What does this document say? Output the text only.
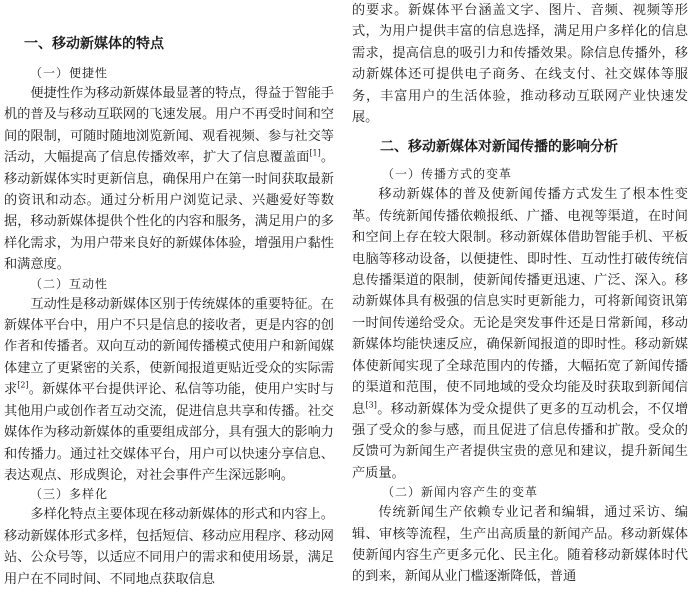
一、移动新媒体的特点
（一）便捷性

便捷性作为移动新媒体最显著的特点，得益于智能手机的普及与移动互联网的飞速发展。用户不再受时间和空间的限制，可随时随地浏览新闻、观看视频、参与社交等活动，大幅提高了信息传播效率，扩大了信息覆盖面[1]。移动新媒体实时更新信息，确保用户在第一时间获取最新的资讯和动态。通过分析用户浏览记录、兴趣爱好等数据，移动新媒体提供个性化的内容和服务，满足用户的多样化需求，为用户带来良好的新媒体体验，增强用户黏性和满意度。

（二）互动性

互动性是移动新媒体区别于传统媒体的重要特征。在新媒体平台中，用户不只是信息的接收者，更是内容的创作者和传播者。双向互动的新闻传播模式使用户和新闻媒体建立了更紧密的关系，使新闻报道更贴近受众的实际需求[2]。新媒体平台提供评论、私信等功能，使用户实时与其他用户或创作者互动交流，促进信息共享和传播。社交媒体作为移动新媒体的重要组成部分，具有强大的影响力和传播力。通过社交媒体平台，用户可以快速分享信息、表达观点、形成舆论，对社会事件产生深远影响。

（三）多样化

多样化特点主要体现在移动新媒体的形式和内容上。移动新媒体形式多样，包括短信、移动应用程序、移动网站、公众号等，以适应不同用户的需求和使用场景，满足用户在不同时间、不同地点获取信息

的要求。新媒体平台涵盖文字、图片、音频、视频等形式，为用户提供丰富的信息选择，满足用户多样化的信息需求，提高信息的吸引力和传播效果。除信息传播外，移动新媒体还可提供电子商务、在线支付、社交媒体等服务，丰富用户的生活体验，推动移动互联网产业快速发展。

二、移动新媒体对新闻传播的影响分析
（一）传播方式的变革

移动新媒体的普及使新闻传播方式发生了根本性变革。传统新闻传播依赖报纸、广播、电视等渠道，在时间和空间上存在较大限制。移动新媒体借助智能手机、平板电脑等移动设备，以便捷性、即时性、互动性打破传统信息传播渠道的限制，使新闻传播更迅速、广泛、深入。移动新媒体具有极强的信息实时更新能力，可将新闻资讯第一时间传递给受众。无论是突发事件还是日常新闻，移动新媒体均能快速反应，确保新闻报道的即时性。移动新媒体使新闻实现了全球范围内的传播，大幅拓宽了新闻传播的渠道和范围，使不同地域的受众均能及时获取到新闻信息[3]。移动新媒体为受众提供了更多的互动机会，不仅增强了受众的参与感，而且促进了信息传播和扩散。受众的反馈可为新闻生产者提供宝贵的意见和建议，提升新闻生产质量。

（二）新闻内容产生的变革

传统新闻生产依赖专业记者和编辑，通过采访、编辑、审核等流程，生产出高质量的新闻产品。移动新媒体使新闻内容生产更多元化、民主化。随着移动新媒体时代的到来，新闻从业门槛逐渐降低，普通
